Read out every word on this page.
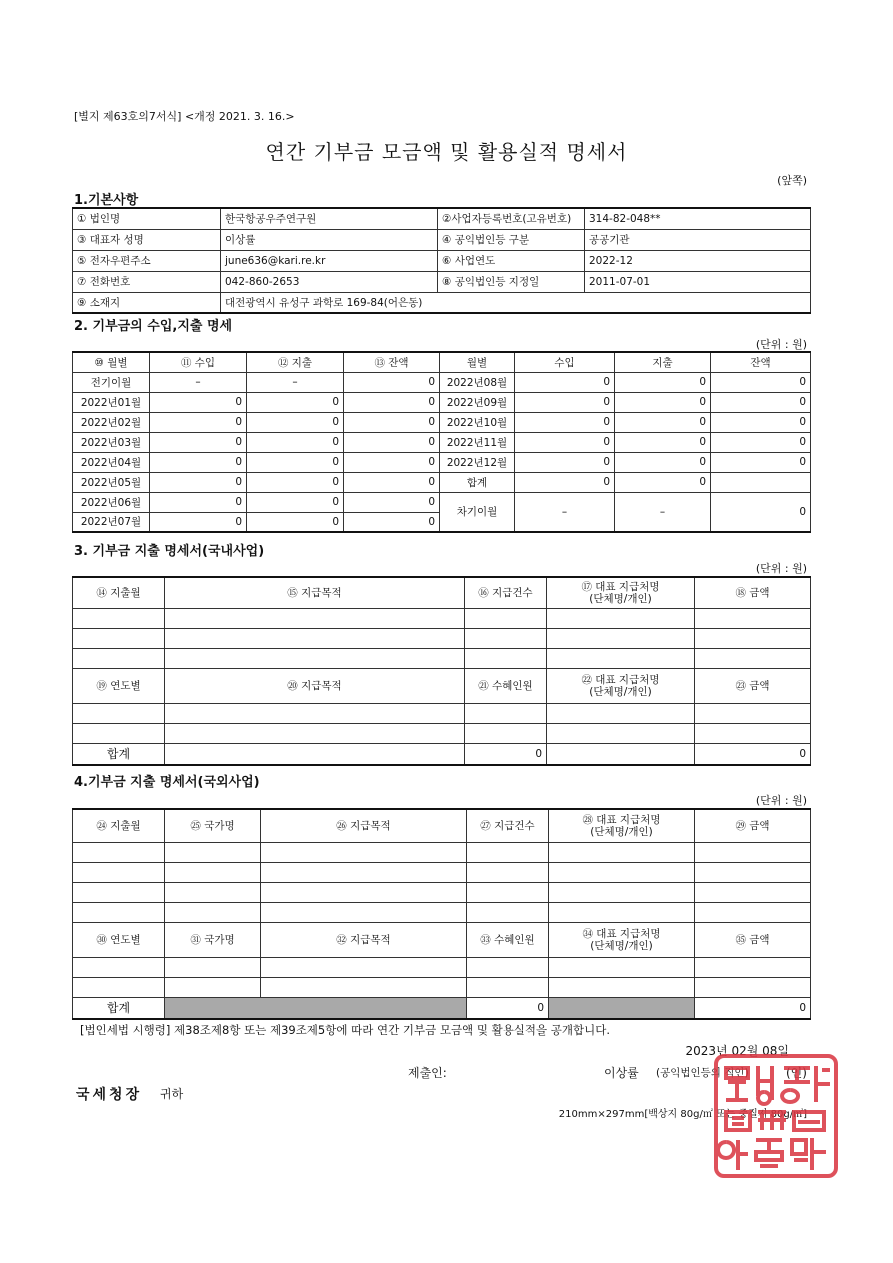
[별지 제63호의7서식] <개정 2021. 3. 16.>
연간 기부금 모금액 및 활용실적 명세서
(앞쪽)
1.기본사항
① 법인명	한국항공우주연구원	②사업자등록번호(고유번호)	314-82-048**
③ 대표자 성명	이상률	④ 공익법인등 구분	공공기관
⑤ 전자우편주소	june636@kari.re.kr	⑥ 사업연도	2022-12
⑦ 전화번호	042-860-2653	⑧ 공익법인등 지정일	2011-07-01
⑨ 소재지	대전광역시 유성구 과학로 169-84(어은동)		
2. 기부금의 수입,지출 명세
(단위 : 원)
⑩ 월별	⑪ 수입	⑫ 지출	⑬ 잔액	월별	수입	지출	잔액
전기이월	–	–	0	2022년08월	0	0	0
2022년01월	0	0	0	2022년09월	0	0	0
2022년02월	0	0	0	2022년10월	0	0	0
2022년03월	0	0	0	2022년11월	0	0	0
2022년04월	0	0	0	2022년12월	0	0	0
2022년05월	0	0	0	합계	0	0	
2022년06월	0	0	0	차기이월	–	–	0
2022년07월	0	0	0				
3. 기부금 지출 명세서(국내사업)
(단위 : 원)
⑭ 지출월	⑮ 지급목적	⑯ 지급건수	⑰ 대표 지급처명
(단체명/개인)	⑱ 금액

⑲ 연도별	⑳ 지급목적	㉑ 수혜인원	㉒ 대표 지급처명
(단체명/개인)	㉓ 금액

합계		0		0
4.기부금 지출 명세서(국외사업)
(단위 : 원)
㉔ 지출월	㉕ 국가명	㉖ 지급목적	㉗ 지급건수	㉘ 대표 지급처명
(단체명/개인)	㉙ 금액

㉚ 연도별	㉛ 국가명	㉜ 지급목적	㉝ 수혜인원	㉞ 대표 지급처명
(단체명/개인)	㉟ 금액

합계			0		0
[법인세법 시행령] 제38조제8항 또는 제39조제5항에 따라 연간 기부금 모금액 및 활용실적을 공개합니다.
2023년 02월 08일
제출인:	이상률 (공익법인등의 직인)	(인)
국세청장 귀하
210mm×297mm[백상지 80g/㎡ 또는 중질지 80g/㎡]
